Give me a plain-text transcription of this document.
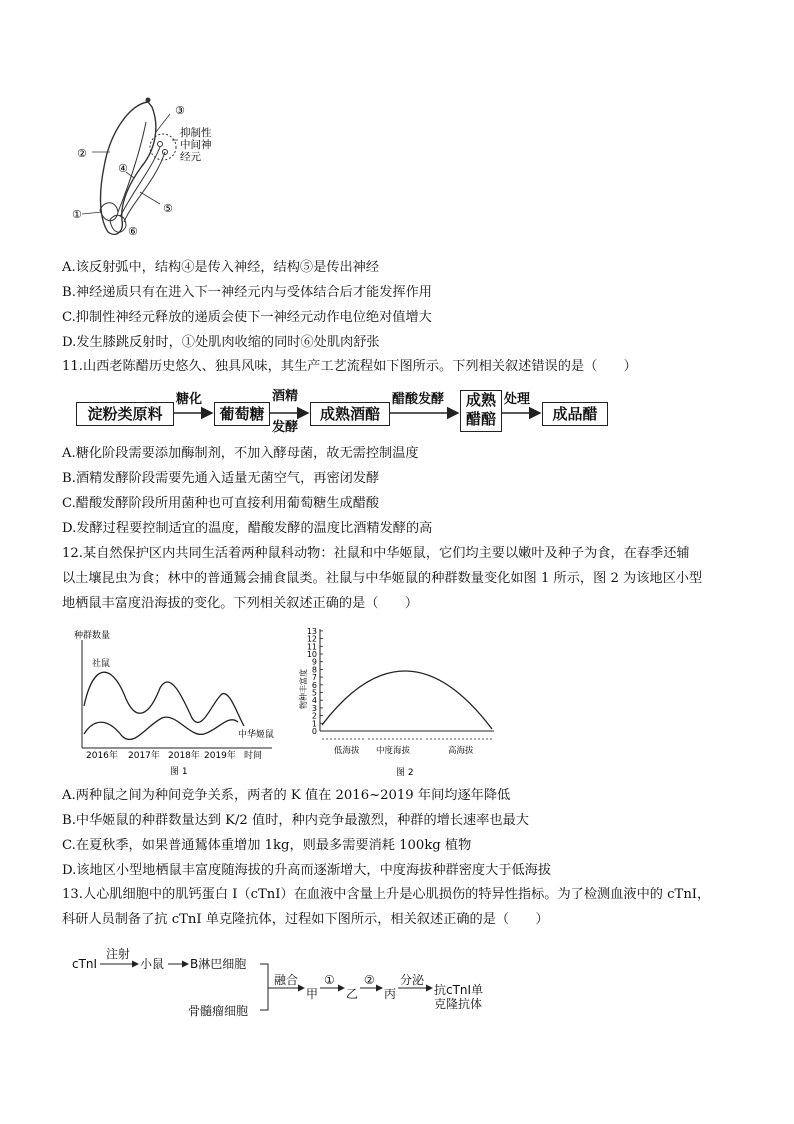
①
②
③
④
⑤
⑥
抑制性
中间神
经元
A.该反射弧中，结构④是传入神经，结构⑤是传出神经
B.神经递质只有在进入下一神经元内与受体结合后才能发挥作用
C.抑制性神经元释放的递质会使下一神经元动作电位绝对值增大
D.发生膝跳反射时，①处肌肉收缩的同时⑥处肌肉舒张
11.山西老陈醋历史悠久、独具风味，其生产工艺流程如下图所示。下列相关叙述错误的是（　　）
淀粉类原料	葡萄糖	成熟酒醅
成熟
醋醅	成品醋
糖化	酒精
发酵
醋酸发酵	处理
A.糖化阶段需要添加酶制剂，不加入酵母菌，故无需控制温度
B.酒精发酵阶段需要先通入适量无菌空气，再密闭发酵
C.醋酸发酵阶段所用菌种也可直接利用葡萄糖生成醋酸
D.发酵过程要控制适宜的温度，醋酸发酵的温度比酒精发酵的高
12.某自然保护区内共同生活着两种鼠科动物：社鼠和中华姬鼠，它们均主要以嫩叶及种子为食，在春季还辅
以土壤昆虫为食；林中的普通鵟会捕食鼠类。社鼠与中华姬鼠的种群数量变化如图 1 所示，图 2 为该地区小型
地栖鼠丰富度沿海拔的变化。下列相关叙述正确的是（　　）
种群数量
社鼠
中华姬鼠
2016年 2017年 2018年 2019年 时间
图 1
0
1
2
3
4
5
6
7
8
9
10
11
12
13
物种丰富度
低海拔 中度海拔	高海拔
图 2
A.两种鼠之间为种间竞争关系，两者的 K 值在 2016~2019 年间均逐年降低
B.中华姬鼠的种群数量达到 K/2 值时，种内竞争最激烈，种群的增长速率也最大
C.在夏秋季，如果普通鵟体重增加 1kg，则最多需要消耗 100kg 植物
D.该地区小型地栖鼠丰富度随海拔的升高而逐渐增大，中度海拔种群密度大于低海拔
13.人心肌细胞中的肌钙蛋白 I（cTnI）在血液中含量上升是心肌损伤的特异性指标。为了检测血液中的 cTnI，
科研人员制备了抗 cTnI 单克隆抗体，过程如下图所示，相关叙述正确的是（　　）
cTnI
注射
小鼠 B淋巴细胞
骨髓瘤细胞
融合
甲
①
乙
②
丙
分泌
抗cTnI单
克隆抗体
